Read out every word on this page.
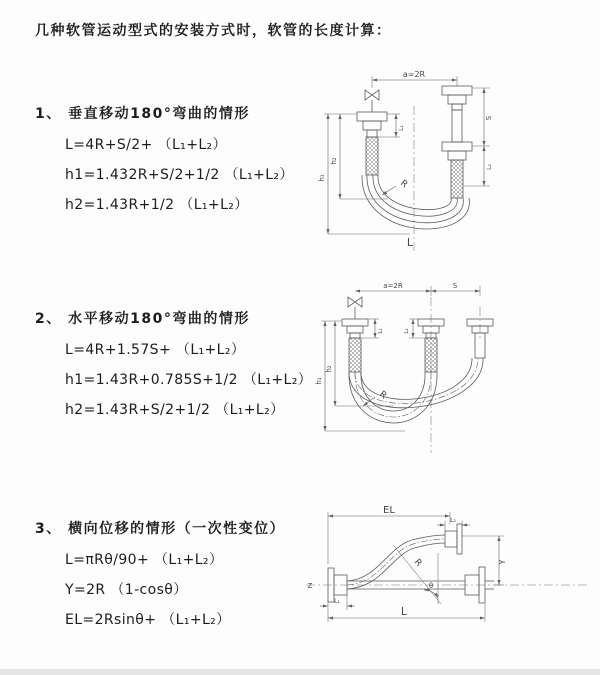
几种软管运动型式的安装方式时，软管的长度计算：
1、 垂直移动180°弯曲的情形
L=4R+S/2+ （L₁+L₂）
h1=1.432R+S/2+1/2 （L₁+L₂）
h2=1.43R+1/2 （L₁+L₂）
a=2R
h₁
h₂
L₁
S
L₂
R
L
2、 水平移动180°弯曲的情形
L=4R+1.57S+ （L₁+L₂）
h1=1.43R+0.785S+1/2 （L₁+L₂）
h2=1.43R+S/2+1/2 （L₁+L₂）
a=2R	S
h₁
h₂
L₁	L₂
R
3、 横向位移的情形（一次性变位）
L=πRθ/90+ （L₁+L₂）
Y=2R （1-cosθ）
EL=2Rsinθ+ （L₁+L₂）
Z
EL
L₂
Y
θ
R
L₁
L
